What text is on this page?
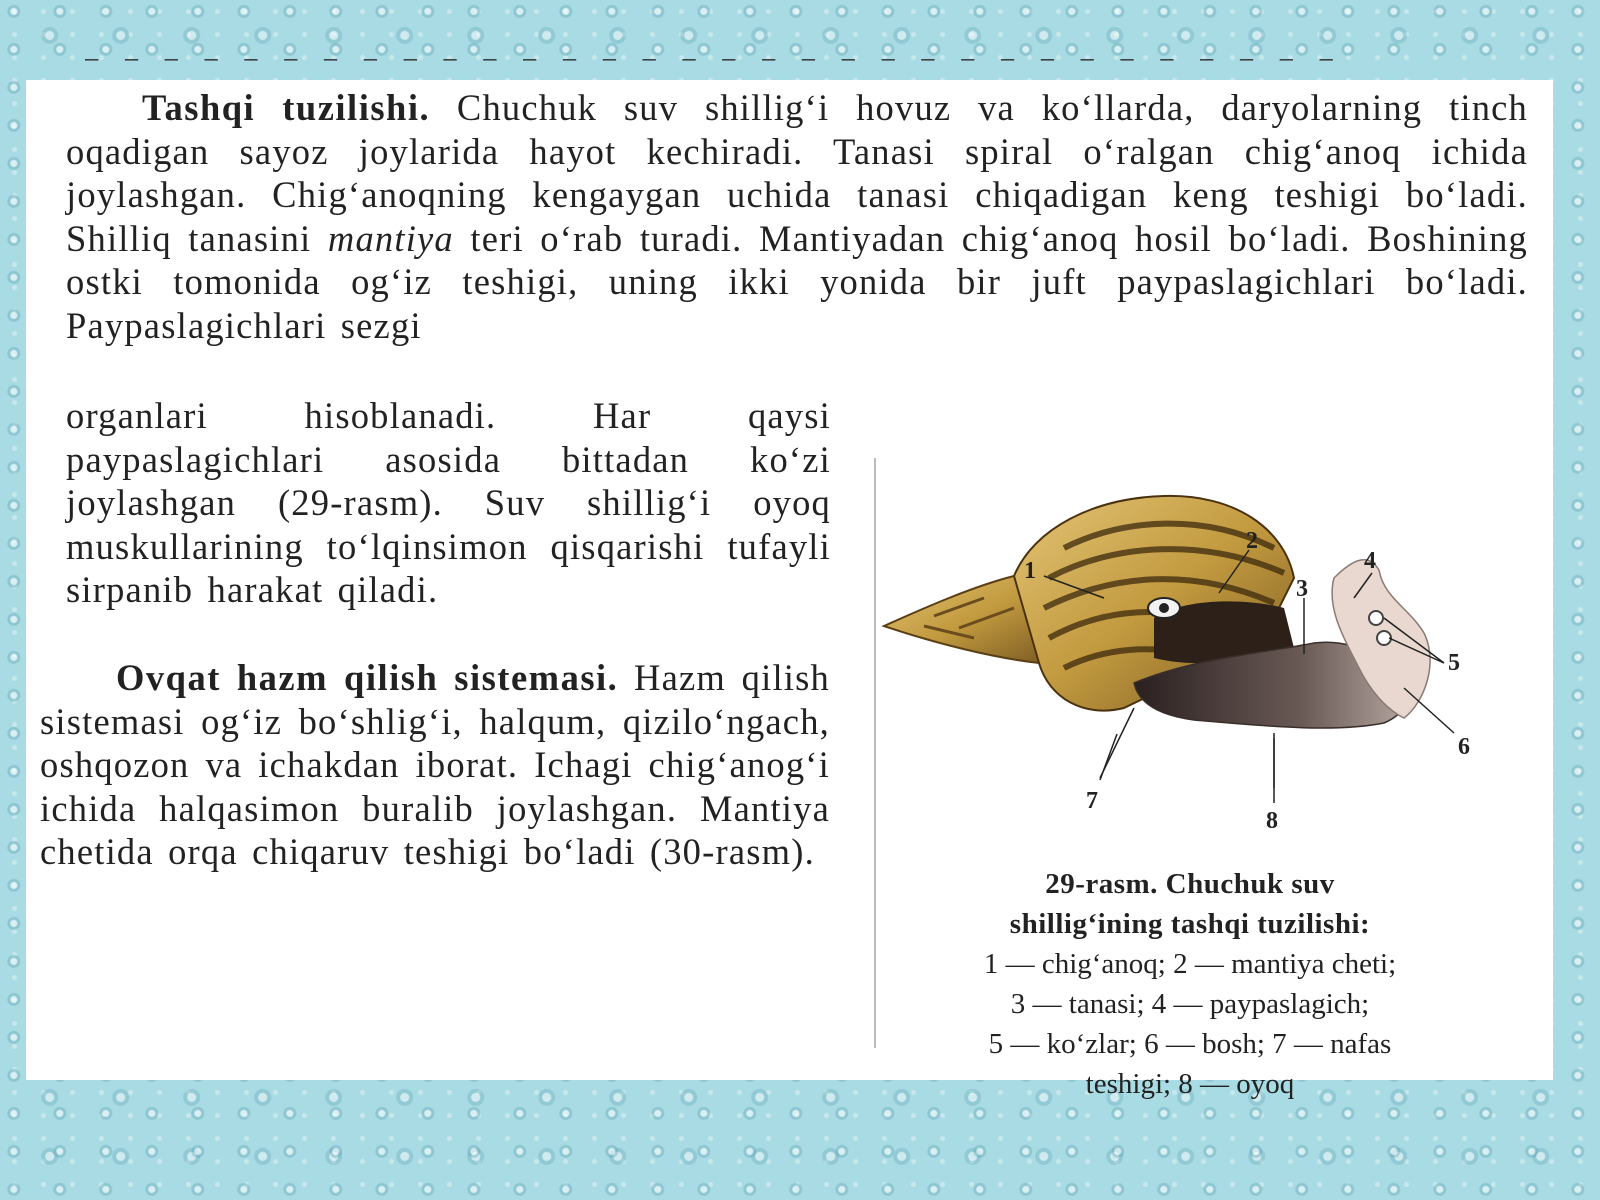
‾ ‾ ‾ ‾ ‾ ‾ ‾ ‾ ‾ ‾ ‾ ‾ ‾ ‾ ‾ ‾ ‾ ‾ ‾ ‾ ‾ ‾ ‾ ‾ ‾ ‾ ‾ ‾ ‾ ‾ ‾ ‾

Tashqi tuzilishi. Chuchuk suv shillig‘i hovuz va ko‘llarda, daryolarning tinch oqadigan sayoz joylarida hayot kechiradi. Tanasi spiral o‘ralgan chig‘anoq ichida joylashgan. Chig‘anoqning kengaygan uchida tanasi chiqadigan keng teshigi bo‘ladi. Shilliq tanasini mantiya teri o‘rab turadi. Mantiyadan chig‘anoq hosil bo‘ladi. Boshining ostki tomonida og‘iz teshigi, uning ikki yonida bir juft paypaslagichlari bo‘ladi. Paypaslagichlari sezgi

organlari hisoblanadi. Har qaysi paypaslagichlari asosida bittadan ko‘zi joylashgan (29-rasm). Suv shillig‘i oyoq muskullarining to‘lqinsimon qisqarishi tufayli sirpanib harakat qiladi.

Ovqat hazm qilish sistemasi. Hazm qilish sistemasi og‘iz bo‘shlig‘i, halqum, qizilo‘ngach, oshqozon va ichakdan iborat. Ichagi chig‘anog‘i ichida halqasimon buralib joylashgan. Mantiya chetida orqa chiqaruv teshigi bo‘ladi (30-rasm).

1
2
3
4
5
6
7
8
29-rasm. Chuchuk suv
shillig‘ining tashqi tuzilishi:
1 — chig‘anoq; 2 — mantiya cheti;
3 — tanasi; 4 — paypaslagich;
5 — ko‘zlar; 6 — bosh; 7 — nafas
teshigi; 8 — oyoq
